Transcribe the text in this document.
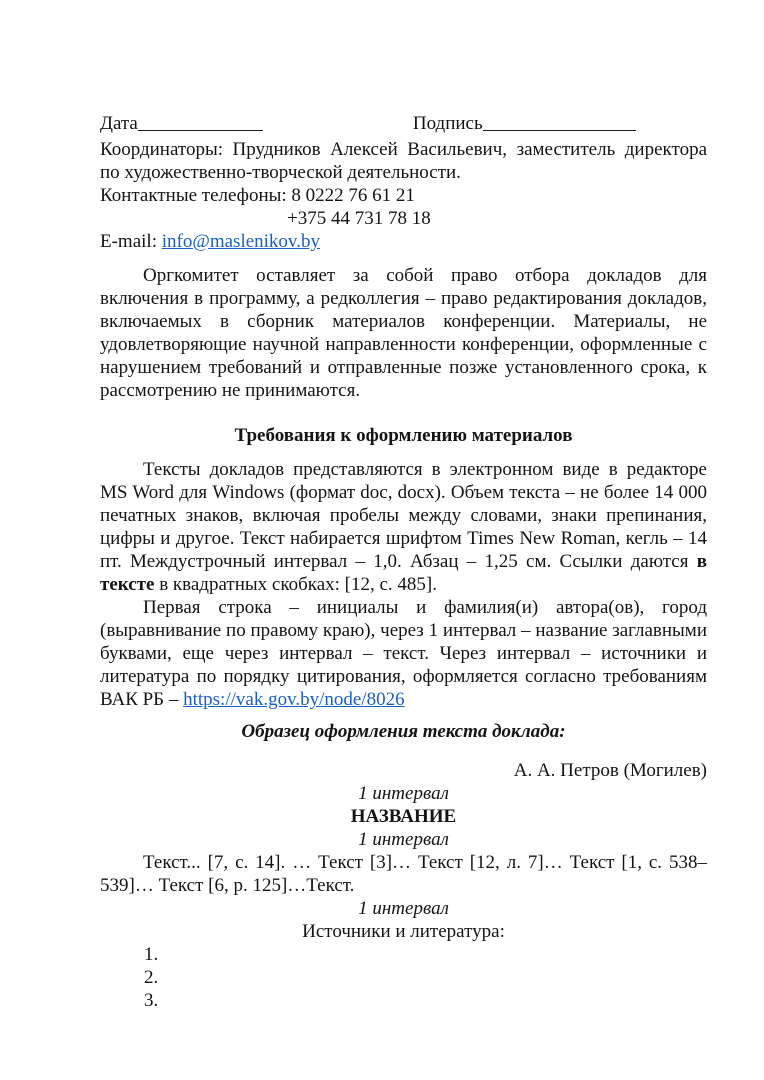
Дата	Подпись

Координаторы: Прудников Алексей Васильевич, заместитель директора по художественно-творческой деятельности.

Контактные телефоны: 8 0222 76 61 21

+375 44 731 78 18

E-mail: info@maslenikov.by

Оргкомитет оставляет за собой право отбора докладов для включения в программу, а редколлегия – право редактирования докладов, включаемых в сборник материалов конференции. Материалы, не удовлетворяющие научной направленности конференции, оформленные с нарушением требований и отправленные позже установленного срока, к рассмотрению не принимаются.

Требования к оформлению материалов

Тексты докладов представляются в электронном виде в редакторе MS Word для Windows (формат doc, docx). Объем текста – не более 14 000 печатных знаков, включая пробелы между словами, знаки препинания, цифры и другое. Текст набирается шрифтом Times New Roman, кегль – 14 пт. Междустрочный интервал – 1,0. Абзац – 1,25 см. Ссылки даются в тексте в квадратных скобках: [12, с. 485].

Первая строка – инициалы и фамилия(и) автора(ов), город (выравнивание по правому краю), через 1 интервал – название заглавными буквами, еще через интервал – текст. Через интервал – источники и литература по порядку цитирования, оформляется согласно требованиям ВАК РБ – https://vak.gov.by/node/8026

Образец оформления текста доклада:

А. А. Петров (Могилев)

1 интервал

НАЗВАНИЕ

1 интервал

Текст... [7, с. 14]. … Текст [3]… Текст [12, л. 7]… Текст [1, с. 538–539]… Текст [6, р. 125]…Текст.

1 интервал

Источники и литература:

1.
2.
3.
